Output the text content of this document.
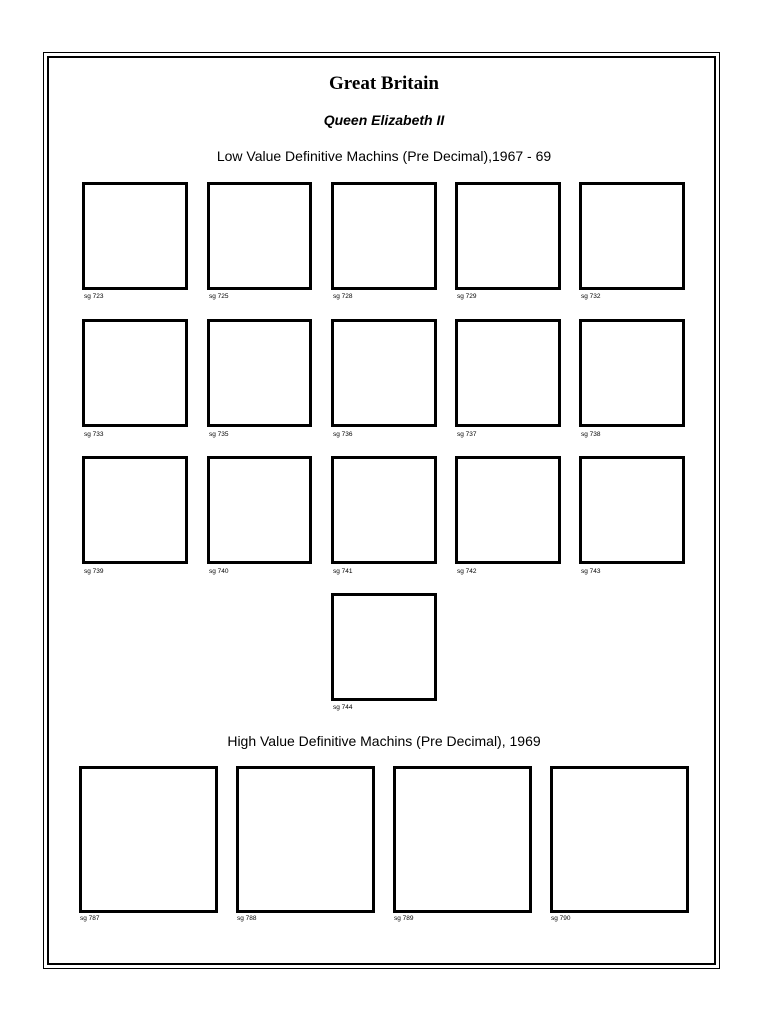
Great Britain
Queen Elizabeth II
Low Value Definitive Machins (Pre Decimal),1967 - 69
sg 723	sg 725	sg 728	sg 729	sg 732
sg 733	sg 735	sg 736	sg 737	sg 738
sg 739	sg 740	sg 741	sg 742	sg 743
sg 744
High Value Definitive Machins (Pre Decimal), 1969
sg 787	sg 788	sg 789	sg 790
